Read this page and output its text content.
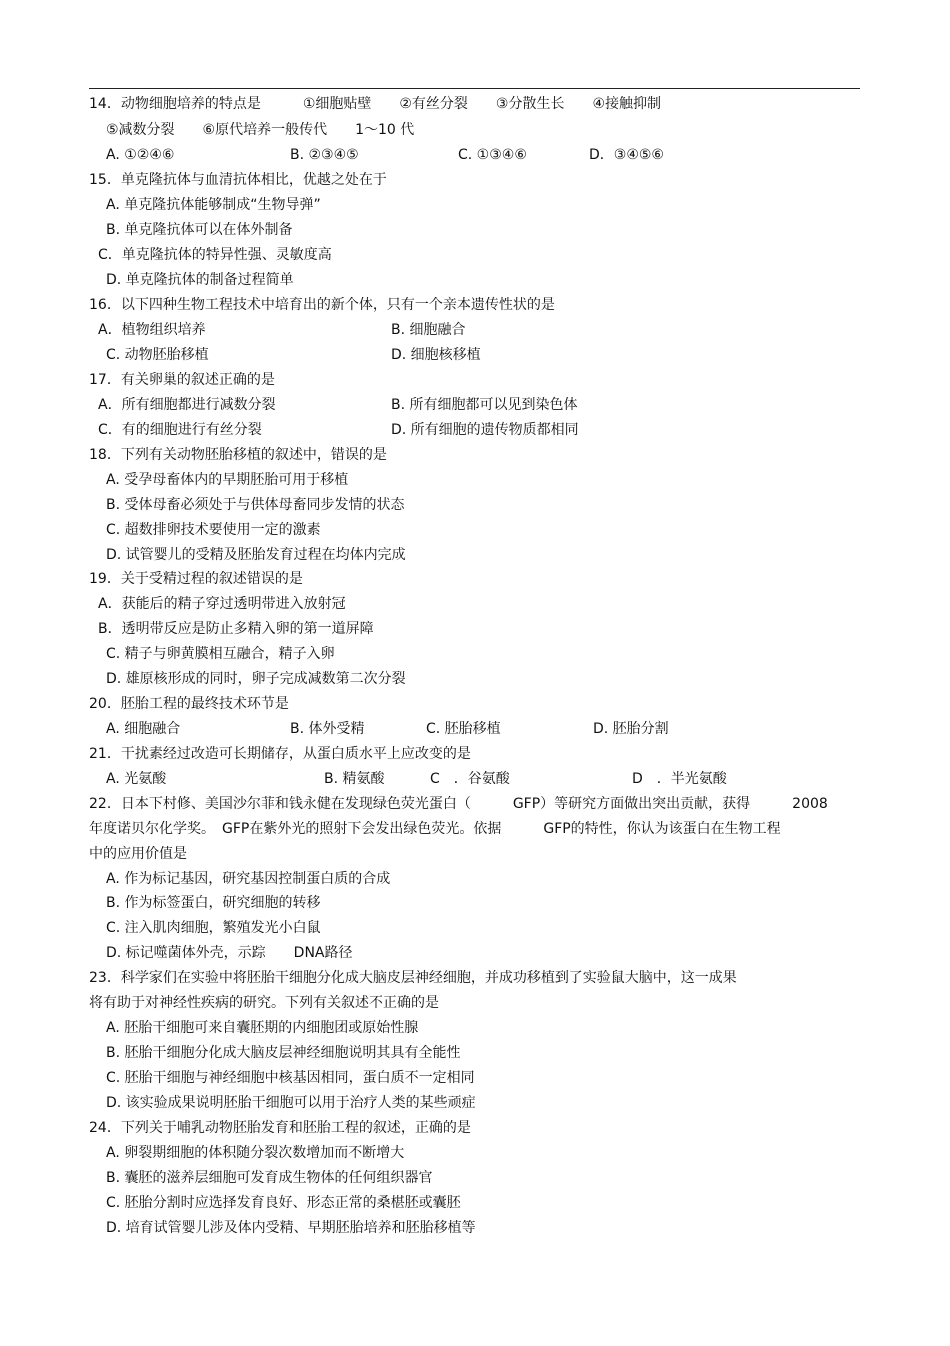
14．动物细胞培养的特点是　　　①细胞贴壁　　②有丝分裂　　③分散生长　　④接触抑制
⑤减数分裂　　⑥原代培养一般传代　　1～10 代
A. ①②④⑥	B. ②③④⑤	C. ①③④⑥	D．③④⑤⑥
15．单克隆抗体与血清抗体相比，优越之处在于
A. 单克隆抗体能够制成“生物导弹”
B. 单克隆抗体可以在体外制备
C．单克隆抗体的特异性强、灵敏度高
D. 单克隆抗体的制备过程简单
16．以下四种生物工程技术中培育出的新个体，只有一个亲本遗传性状的是
A．植物组织培养	B. 细胞融合
C. 动物胚胎移植	D. 细胞核移植
17．有关卵巢的叙述正确的是
A．所有细胞都进行减数分裂	B. 所有细胞都可以见到染色体
C．有的细胞进行有丝分裂	D. 所有细胞的遗传物质都相同
18．下列有关动物胚胎移植的叙述中，错误的是
A. 受孕母畜体内的早期胚胎可用于移植
B. 受体母畜必须处于与供体母畜同步发情的状态
C. 超数排卵技术要使用一定的激素
D. 试管婴儿的受精及胚胎发育过程在均体内完成
19．关于受精过程的叙述错误的是
A．获能后的精子穿过透明带进入放射冠
B．透明带反应是防止多精入卵的第一道屏障
C. 精子与卵黄膜相互融合，精子入卵
D. 雄原核形成的同时，卵子完成减数第二次分裂
20．胚胎工程的最终技术环节是
A. 细胞融合	B. 体外受精	C. 胚胎移植	D. 胚胎分割
21．干扰素经过改造可长期储存，从蛋白质水平上应改变的是
A. 光氨酸	B. 精氨酸	C　．谷氨酸	D　．半光氨酸
22．日本下村修、美国沙尔菲和钱永健在发现绿色荧光蛋白（　　　GFP）等研究方面做出突出贡献，获得　　　2008
年度诺贝尔化学奖。　GFP在紫外光的照射下会发出绿色荧光。依据　　　GFP的特性，你认为该蛋白在生物工程
中的应用价值是
A. 作为标记基因，研究基因控制蛋白质的合成
B. 作为标签蛋白，研究细胞的转移
C. 注入肌肉细胞，繁殖发光小白鼠
D. 标记噬菌体外壳，示踪　　DNA路径
23．科学家们在实验中将胚胎干细胞分化成大脑皮层神经细胞，并成功移植到了实验鼠大脑中，这一成果
将有助于对神经性疾病的研究。下列有关叙述不正确的是
A. 胚胎干细胞可来自囊胚期的内细胞团或原始性腺
B. 胚胎干细胞分化成大脑皮层神经细胞说明其具有全能性
C. 胚胎干细胞与神经细胞中核基因相同，蛋白质不一定相同
D. 该实验成果说明胚胎干细胞可以用于治疗人类的某些顽症
24．下列关于哺乳动物胚胎发育和胚胎工程的叙述，正确的是
A. 卵裂期细胞的体积随分裂次数增加而不断增大
B. 囊胚的滋养层细胞可发育成生物体的任何组织器官
C. 胚胎分割时应选择发育良好、形态正常的桑椹胚或囊胚
D. 培育试管婴儿涉及体内受精、早期胚胎培养和胚胎移植等
